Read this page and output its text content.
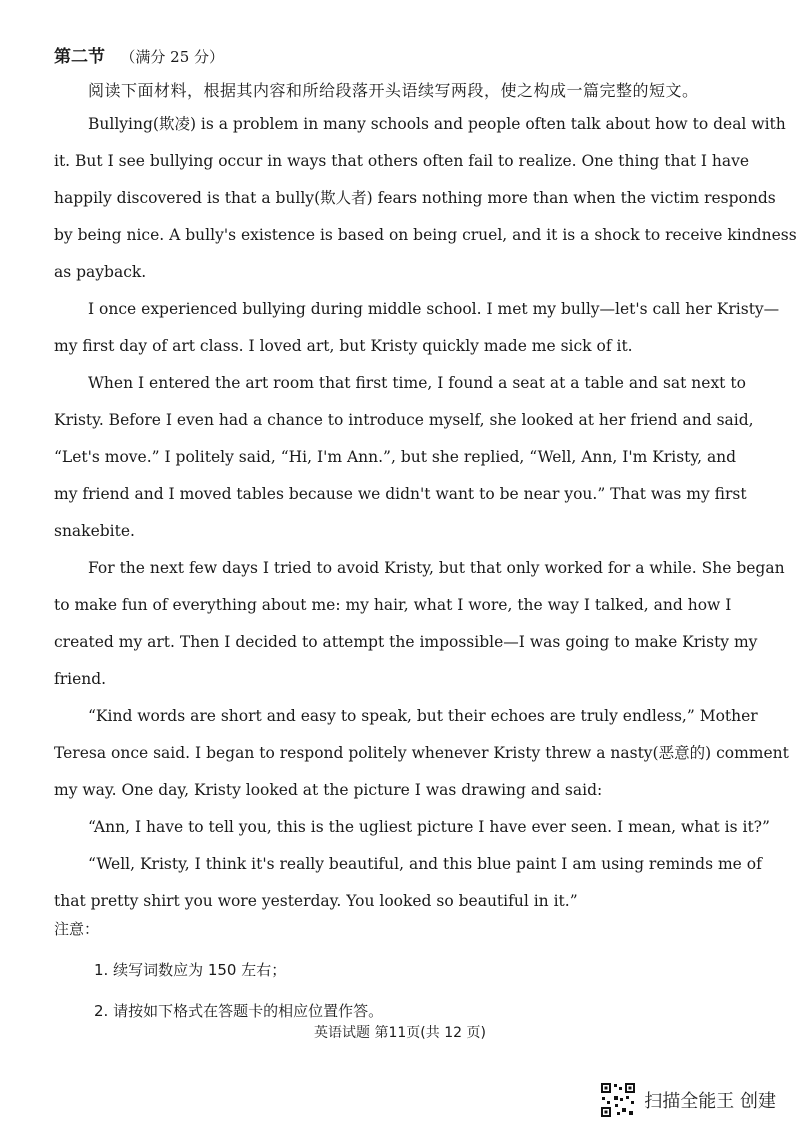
第二节 （满分 25 分）
阅读下面材料，根据其内容和所给段落开头语续写两段，使之构成一篇完整的短文。
Bullying(欺凌) is a problem in many schools and people often talk about how to deal with
it. But I see bullying occur in ways that others often fail to realize. One thing that I have
happily discovered is that a bully(欺人者) fears nothing more than when the victim responds
by being nice. A bully's existence is based on being cruel, and it is a shock to receive kindness
as payback.
I once experienced bullying during middle school. I met my bully—let's call her Kristy—
my first day of art class. I loved art, but Kristy quickly made me sick of it.
When I entered the art room that first time, I found a seat at a table and sat next to
Kristy. Before I even had a chance to introduce myself, she looked at her friend and said,
“Let's move.” I politely said, “Hi, I'm Ann.”, but she replied, “Well, Ann, I'm Kristy, and
my friend and I moved tables because we didn't want to be near you.” That was my first
snakebite.
For the next few days I tried to avoid Kristy, but that only worked for a while. She began
to make fun of everything about me: my hair, what I wore, the way I talked, and how I
created my art. Then I decided to attempt the impossible—I was going to make Kristy my
friend.
“Kind words are short and easy to speak, but their echoes are truly endless,” Mother
Teresa once said. I began to respond politely whenever Kristy threw a nasty(恶意的) comment
my way. One day, Kristy looked at the picture I was drawing and said:
“Ann, I have to tell you, this is the ugliest picture I have ever seen. I mean, what is it?”
“Well, Kristy, I think it's really beautiful, and this blue paint I am using reminds me of
that pretty shirt you wore yesterday. You looked so beautiful in it.”
注意：
1. 续写词数应为 150 左右；
2. 请按如下格式在答题卡的相应位置作答。
英语试题 第11页(共 12 页)
扫描全能王 创建
